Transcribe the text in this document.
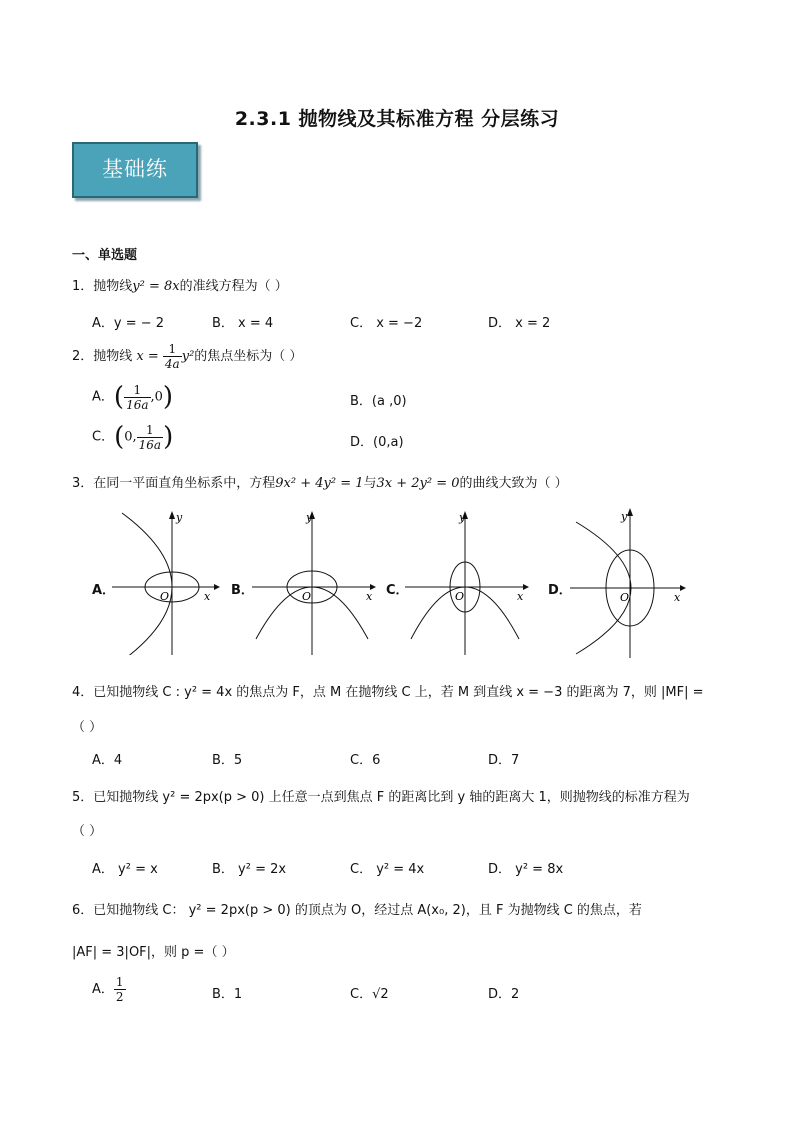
2.3.1 抛物线及其标准方程 分层练习
基础练
一、单选题
1．抛物线y² = 8x的准线方程为（ ）
A．y = − 2	B． x = 4	C． x = −2	D． x = 2
2．抛物线 $x = \frac{1}{4a} y^2$的焦点坐标为（ ）
A．( $\frac{1}{16a} ,0$)	B．(a ,0)
C．(0, $\frac{1}{16a}$ )	D．(0,a)
3．在同一平面直角坐标系中，方程9x² + 4y² = 1与3x + 2y² = 0的曲线大致为（ ）
A．
y
x
O	B．
y
x
O	C．
y
x
O	D．
y
x
O
4．已知抛物线 C : y² = 4x 的焦点为 F，点 M 在抛物线 C 上，若 M 到直线 x = −3 的距离为 7，则 |MF| =
（ ）
A．4	B．5	C．6	D．7
5．已知抛物线 y² = 2px(p > 0) 上任意一点到焦点 F 的距离比到 y 轴的距离大 1，则抛物线的标准方程为
（ ）
A． y² = x	B． y² = 2x	C． y² = 4x	D． y² = 8x
6．已知抛物线 C： y² = 2px(p > 0) 的顶点为 O，经过点 A(x₀, 2)，且 F 为抛物线 C 的焦点，若
|AF| = 3|OF|，则 p =（ ）
A． $\frac{1}{2}$	B．1	C．√2	D．2
